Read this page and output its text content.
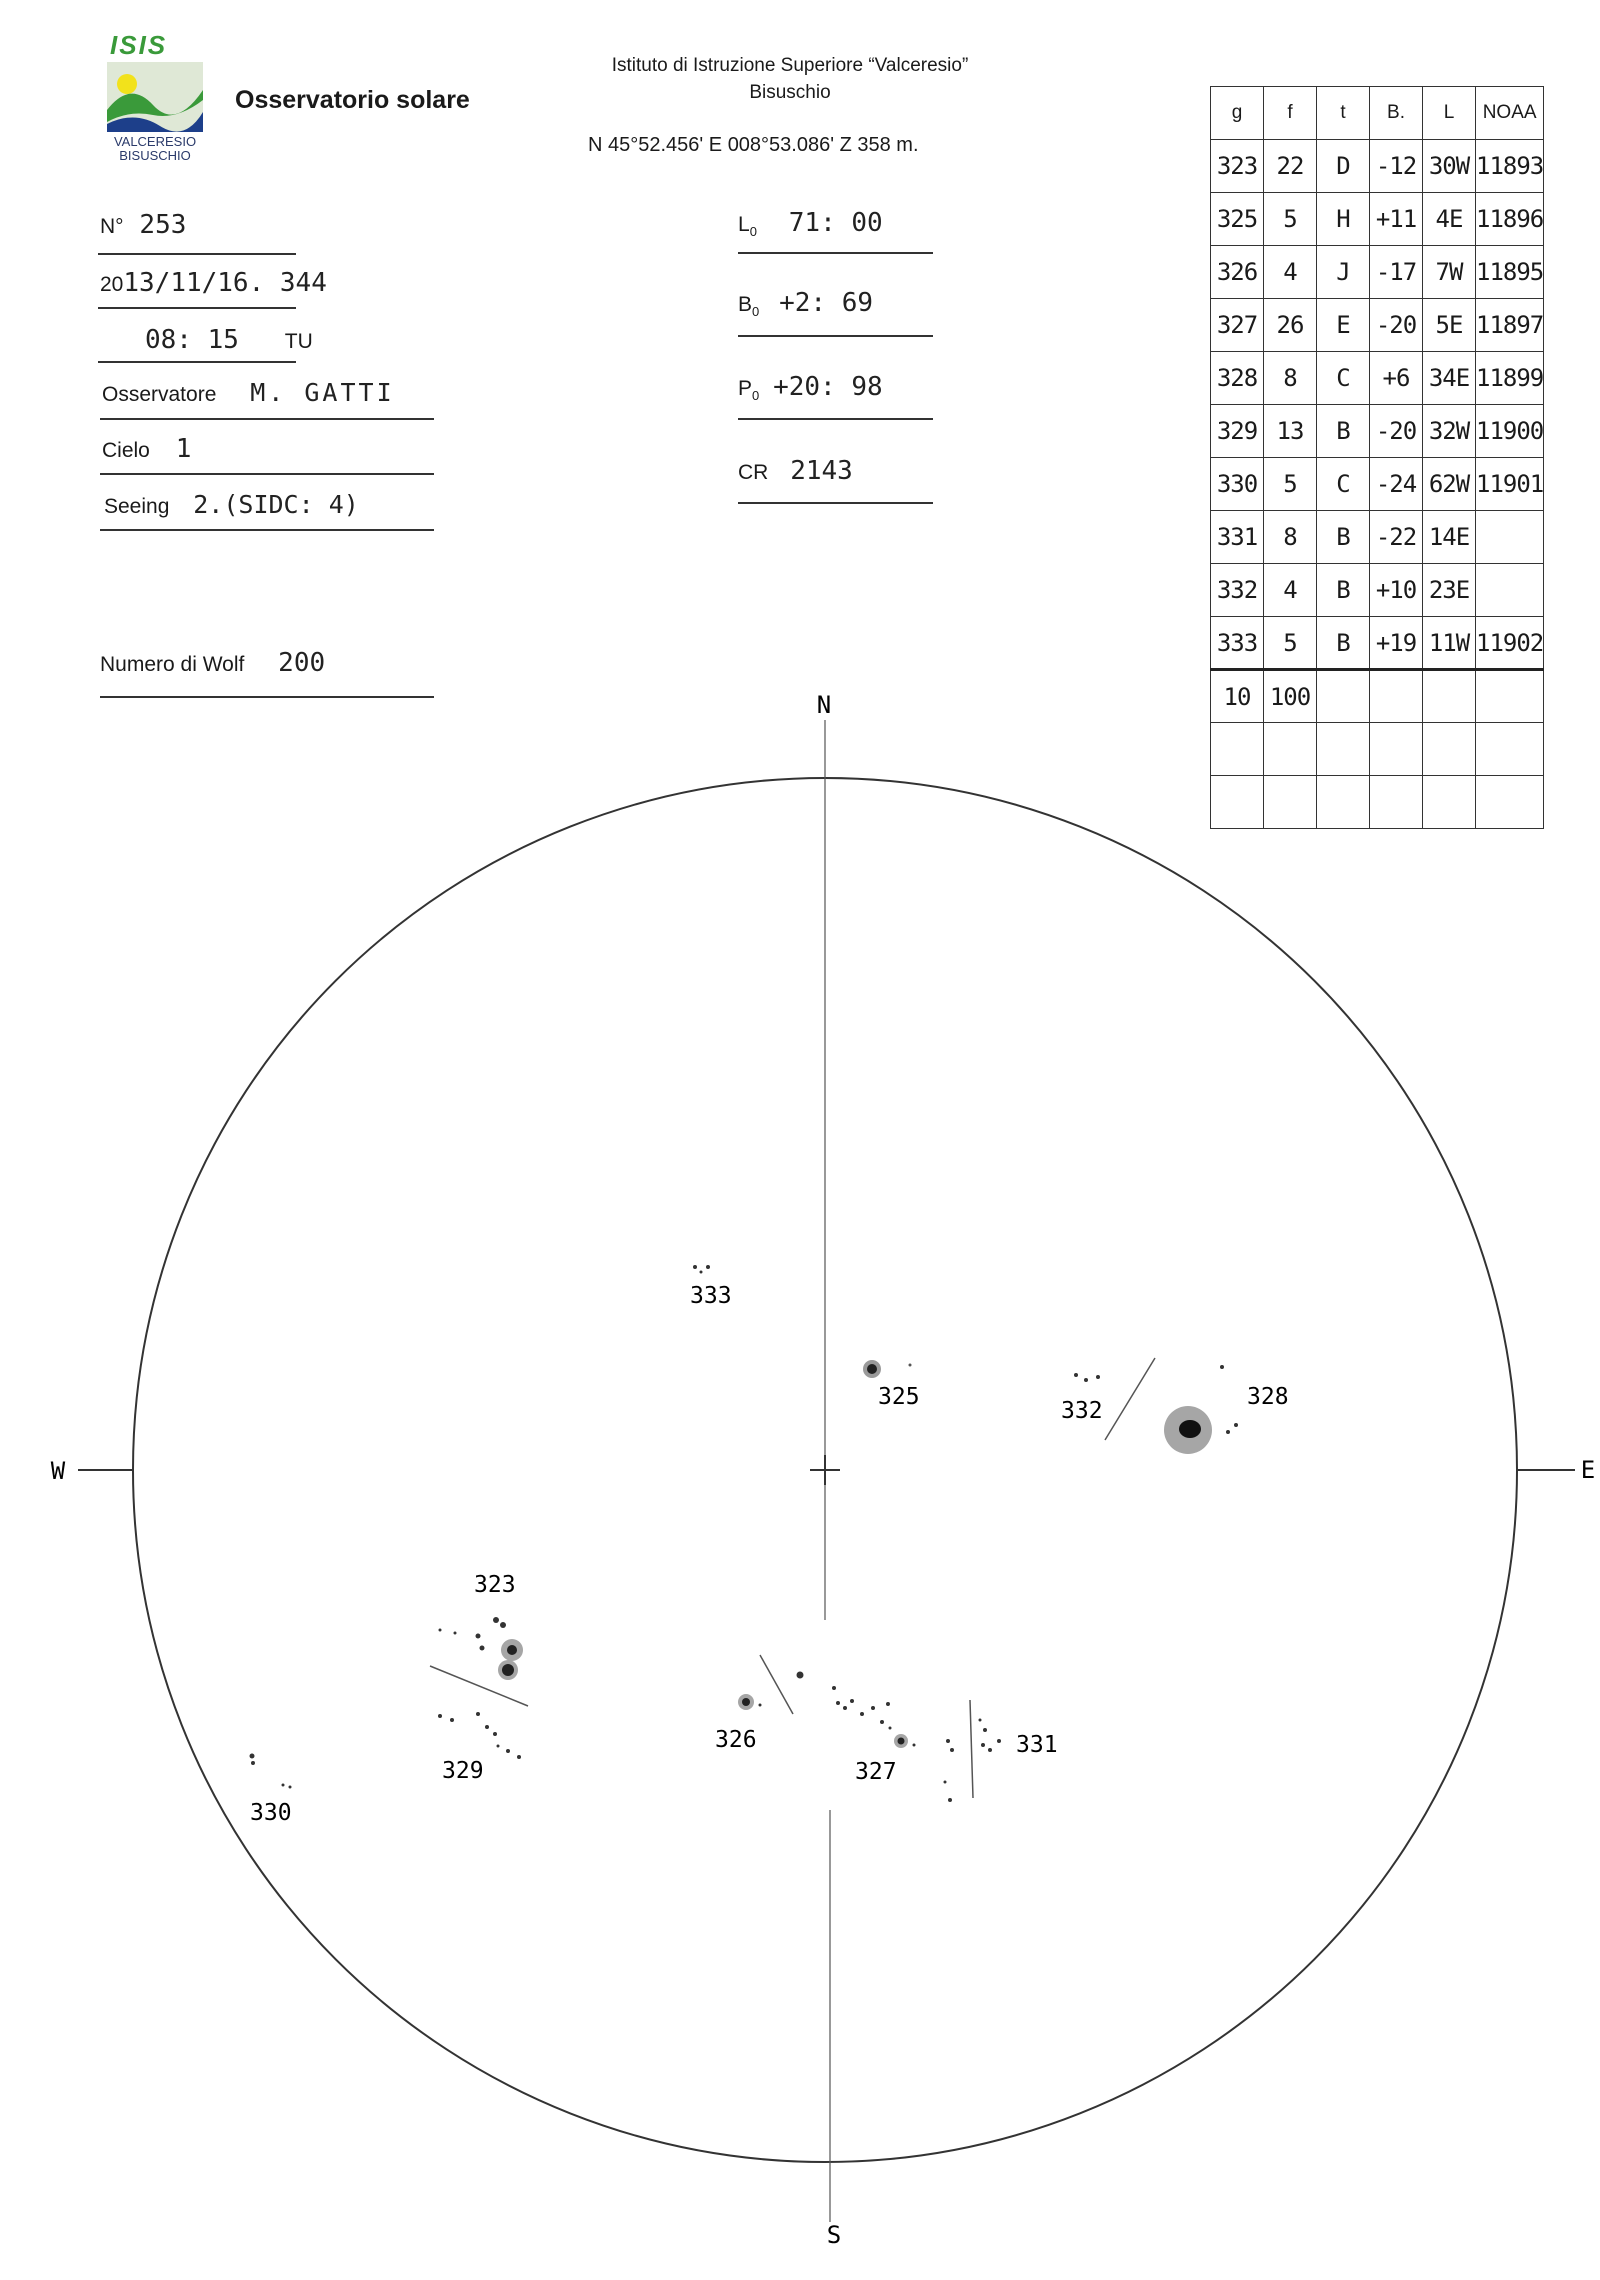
ISIS
VALCERESIO
BISUSCHIO
Osservatorio solare
Istituto di Istruzione Superiore “Valceresio”
Bisuschio
N 45°52.456' E 008°53.086' Z 358 m.
N° 253
2013/11/16. 344
08: 15 TU
Osservatore M. GATTI
Cielo 1
Seeing 2.(SIDC: 4)
Numero di Wolf 200
$L_0$ 71: 00
$B_0 +2$: 69
$P_0 +20$: 98
CR 2143
g	f	t	B.	L	NOAA
323	22	D	-12	30W	11893
325	5	H	+11	4E	11896
326	4	J	-17	7W	11895
327	26	E	-20	5E	11897
328	8	C	+6	34E	11899
329	13	B	-20	32W	11900
330	5	C	-24	62W	11901
331	8	B	-22	14E	
332	4	B	+10	23E	
333	5	B	+19	11W	11902
10	100				

N
S
E
W
333
325
332
328
323
329
330
326
327
331
